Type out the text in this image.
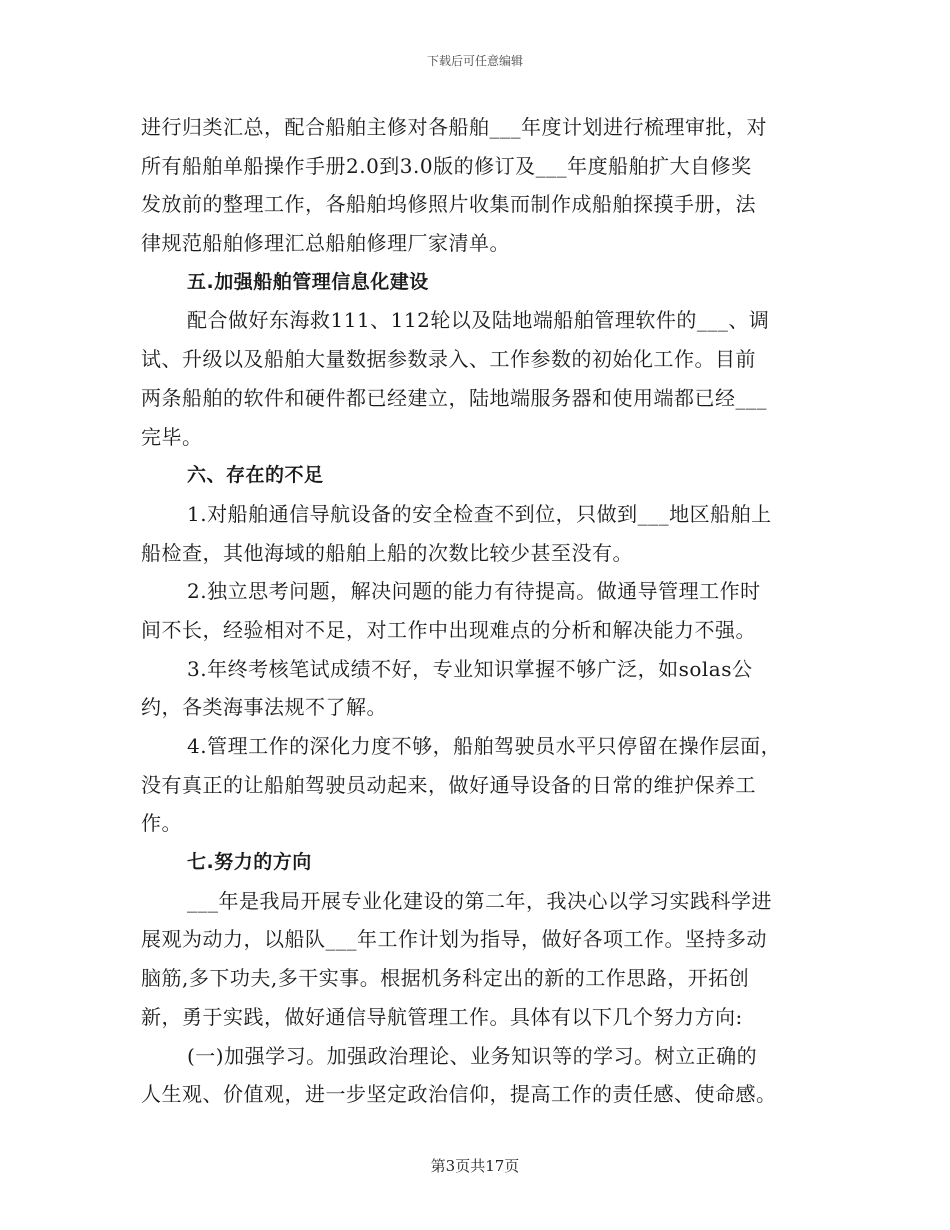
下载后可任意编辑
进行归类汇总，配合船舶主修对各船舶___年度计划进行梳理审批，对
所有船舶单船操作手册2.0到3.0版的修订及___年度船舶扩大自修奖
发放前的整理工作，各船舶坞修照片收集而制作成船舶探摸手册，法
律规范船舶修理汇总船舶修理厂家清单。
五.加强船舶管理信息化建设
配合做好东海救111、112轮以及陆地端船舶管理软件的___、调
试、升级以及船舶大量数据参数录入、工作参数的初始化工作。目前
两条船舶的软件和硬件都已经建立，陆地端服务器和使用端都已经___
完毕。
六、存在的不足
1.对船舶通信导航设备的安全检查不到位，只做到___地区船舶上
船检查，其他海域的船舶上船的次数比较少甚至没有。
2.独立思考问题，解决问题的能力有待提高。做通导管理工作时
间不长，经验相对不足，对工作中出现难点的分析和解决能力不强。
3.年终考核笔试成绩不好，专业知识掌握不够广泛，如solas公
约，各类海事法规不了解。
4.管理工作的深化力度不够，船舶驾驶员水平只停留在操作层面，
没有真正的让船舶驾驶员动起来，做好通导设备的日常的维护保养工
作。
七.努力的方向
___年是我局开展专业化建设的第二年，我决心以学习实践科学进
展观为动力，以船队___年工作计划为指导，做好各项工作。坚持多动
脑筋,多下功夫,多干实事。根据机务科定出的新的工作思路，开拓创
新，勇于实践，做好通信导航管理工作。具体有以下几个努力方向:
(一)加强学习。加强政治理论、业务知识等的学习。树立正确的
人生观、价值观，进一步坚定政治信仰，提高工作的责任感、使命感。
第3页共17页
